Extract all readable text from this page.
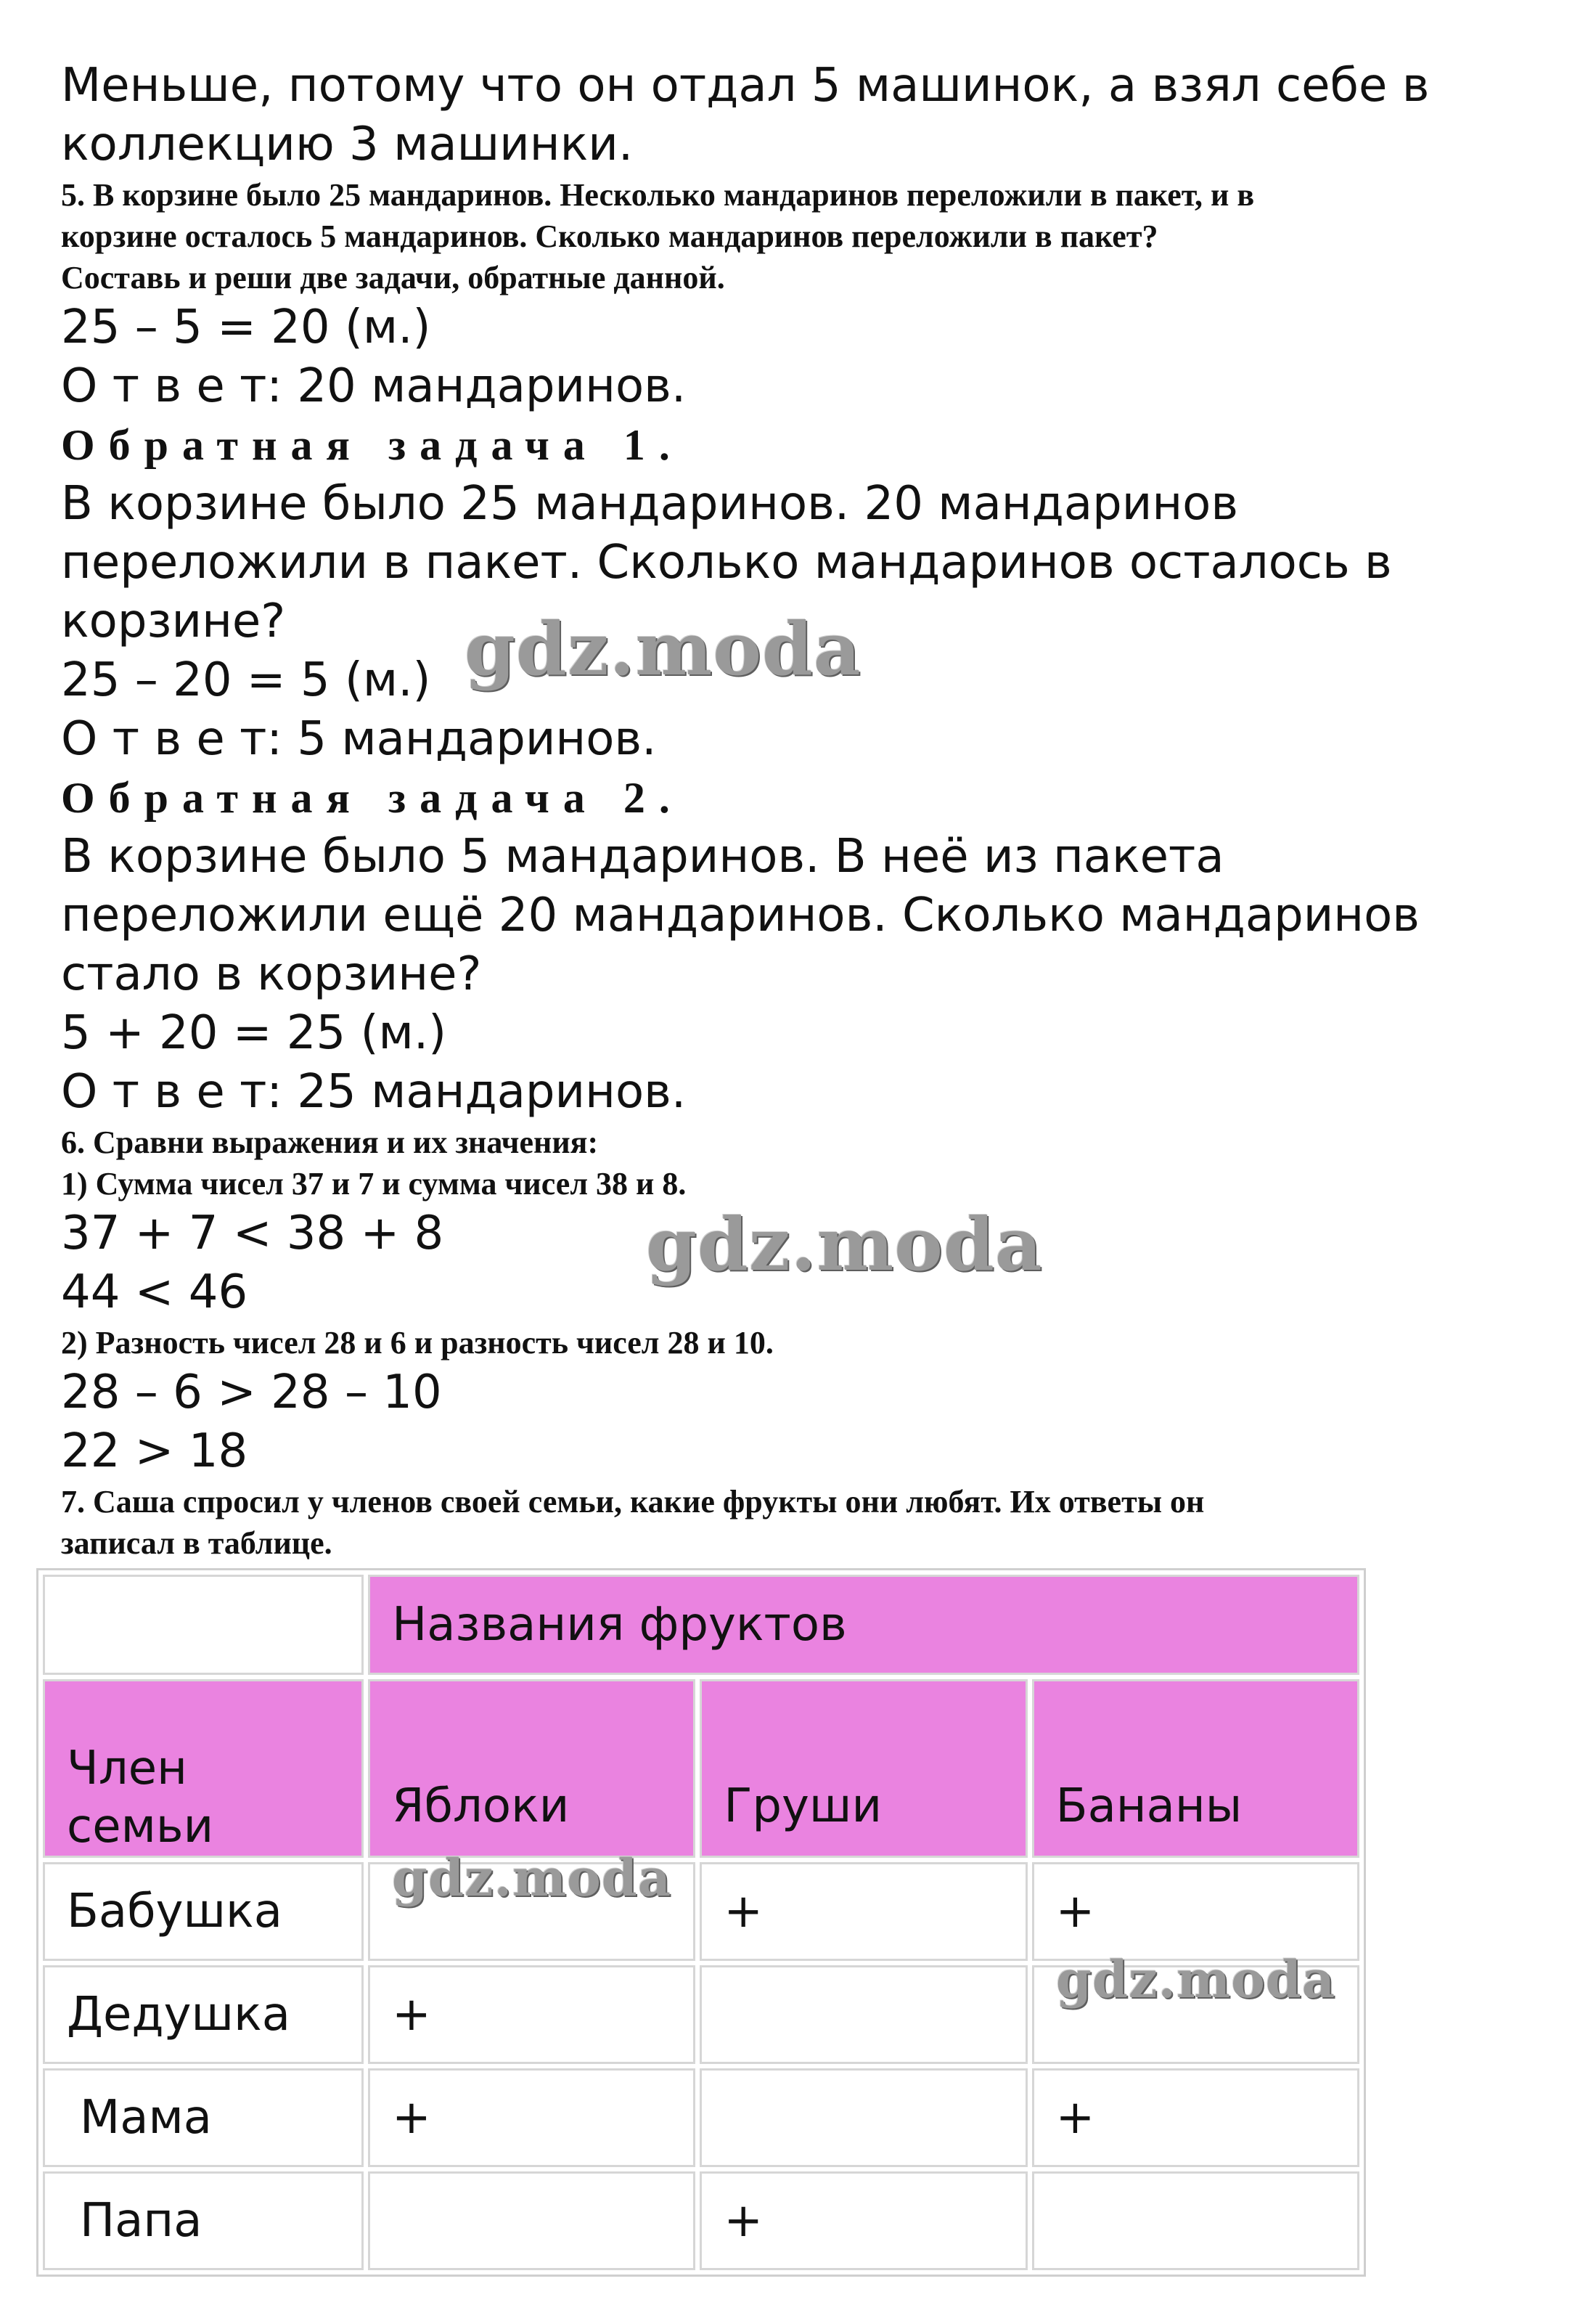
Меньше, потому что он отдал 5 машинок, а взял себе в

коллекцию 3 машинки.

5. В корзине было 25 мандаринов. Несколько мандаринов переложили в пакет, и в

корзине осталось 5 мандаринов. Сколько мандаринов переложили в пакет?

Составь и реши две задачи, обратные данной.

25 – 5 = 20 (м.)

О т в е т: 20 мандаринов.

Обратная задача 1.

В корзине было 25 мандаринов. 20 мандаринов

переложили в пакет. Сколько мандаринов осталось в

корзине?

25 – 20 = 5 (м.)

О т в е т: 5 мандаринов.

Обратная задача 2.

В корзине было 5 мандаринов. В неё из пакета

переложили ещё 20 мандаринов. Сколько мандаринов

стало в корзине?

5 + 20 = 25 (м.)

О т в е т: 25 мандаринов.

6. Сравни выражения и их значения:

1) Сумма чисел 37 и 7 и сумма чисел 38 и 8.

37 + 7 < 38 + 8

44 < 46

2) Разность чисел 28 и 6 и разность чисел 28 и 10.

28 – 6 > 28 – 10

22 > 18

7. Саша спросил у членов своей семьи, какие фрукты они любят. Их ответы он

записал в таблице.

	Названия фруктов		

Член
семьи	Яблоки	Груши	Бананы
Бабушка		+	+
Дедушка	+		
Мама	+		+
Папа		+	
gdz.moda
gdz.moda
gdz.moda
gdz.moda
